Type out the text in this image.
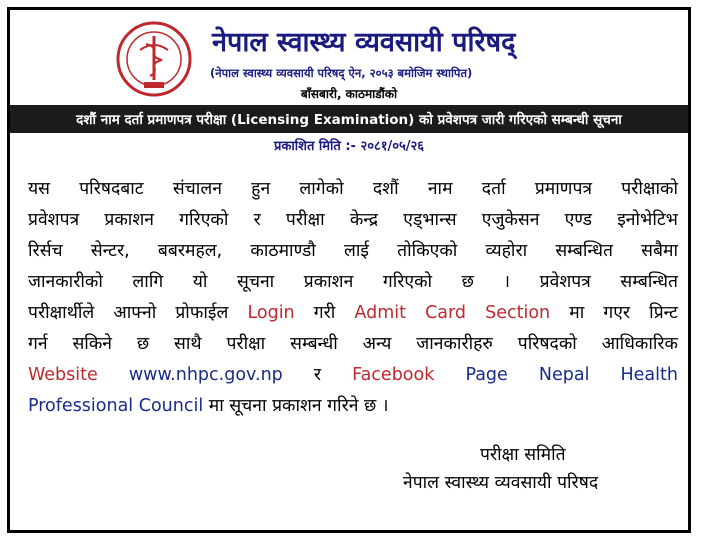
नेपाल स्वास्थ्य व्यवसायी परिषद्
(नेपाल स्वास्थ्य व्यवसायी परिषद् ऐन, २०५३ बमोजिम स्थापित)
बाँसबारी, काठमाडौंको
दशौं नाम दर्ता प्रमाणपत्र परीक्षा (Licensing Examination) को प्रवेशपत्र जारी गरिएको सम्बन्धी सूचना
प्रकाशित मिति :- २०८१/०५/२६
यस परिषदबाट संचालन हुन लागेको दशौं नाम दर्ता प्रमाणपत्र परीक्षाको
प्रवेशपत्र प्रकाशन गरिएको र परीक्षा केन्द्र एड्भान्स एजुकेसन एण्ड इनोभेटिभ
रिर्सच सेन्टर, बबरमहल, काठमाण्डौ लाई तोकिएको व्यहोरा सम्बन्धित सबैमा
जानकारीको लागि यो सूचना प्रकाशन गरिएको छ । प्रवेशपत्र सम्बन्धित
परीक्षार्थीले आफ्नो प्रोफाईल Login गरी Admit Card Section मा गएर प्रिन्ट
गर्न सकिने छ साथै परीक्षा सम्बन्धी अन्य जानकारीहरु परिषदको आधिकारिक
Website www.nhpc.gov.np र Facebook Page Nepal Health
Professional Council मा सूचना प्रकाशन गरिने छ ।
परीक्षा समिति
नेपाल स्वास्थ्य व्यवसायी परिषद
